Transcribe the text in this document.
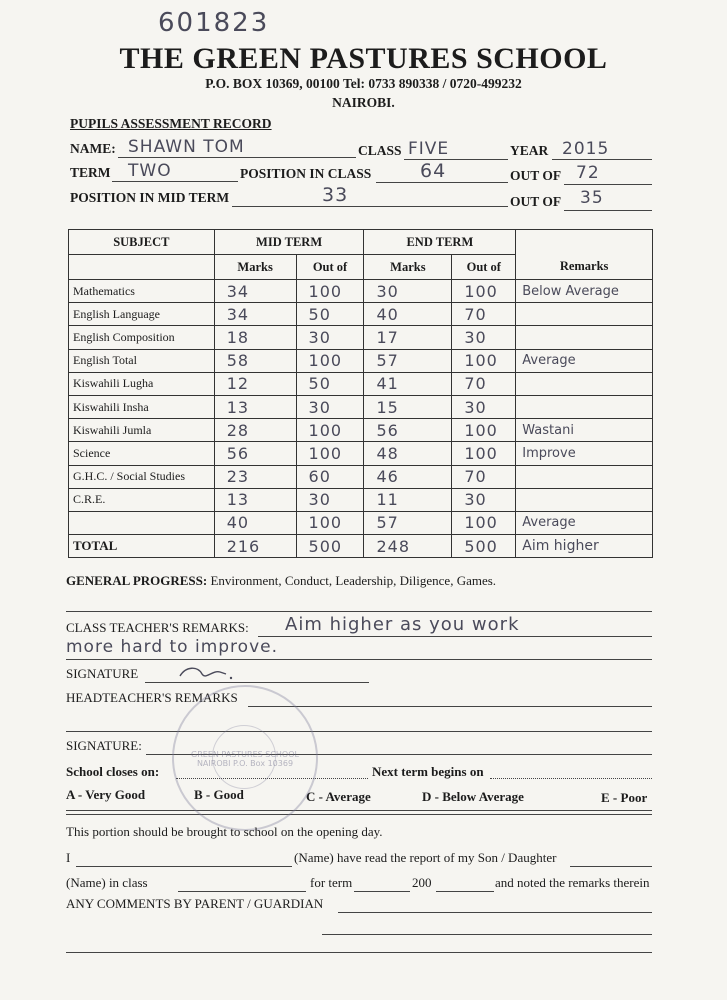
601823
THE GREEN PASTURES SCHOOL
P.O. BOX 10369, 00100 Tel: 0733 890338 / 0720-499232
NAIROBI.
PUPILS ASSESSMENT RECORD
NAME: SHAWN TOM	CLASS FIVE	YEAR 2015
TERM TWO	POSITION IN CLASS	64	OUT OF 72
POSITION IN MID TERM	33	OUT OF 35
SUBJECT	MID TERM		END TERM		
	Marks	Out of	Marks	Out of	Remarks
Mathematics	34	100	30	100	Below Average
English Language	34	50	40	70	
English Composition	18	30	17	30	
English Total	58	100	57	100	Average
Kiswahili Lugha	12	50	41	70	
Kiswahili Insha	13	30	15	30	
Kiswahili Jumla	28	100	56	100	Wastani
Science	56	100	48	100	Improve
G.H.C. / Social Studies	23	60	46	70	
C.R.E.	13	30	11	30	
	40	100	57	100	Average
TOTAL	216	500	248	500	Aim higher
GENERAL PROGRESS: Environment, Conduct, Leadership, Diligence, Games.
CLASS TEACHER'S REMARKS: Aim higher as you work
more hard to improve.
SIGNATURE
HEADTEACHER'S REMARKS
SIGNATURE:
School closes on:	Next term begins on
A - Very Good	B - Good	C - Average	D - Below Average	E - Poor
GREEN PASTURES SCHOOL NAIROBI P.O. Box 10369
This portion should be brought to school on the opening day.
I	(Name) have read the report of my Son / Daughter
(Name) in class	for term	200	and noted the remarks therein
ANY COMMENTS BY PARENT / GUARDIAN
